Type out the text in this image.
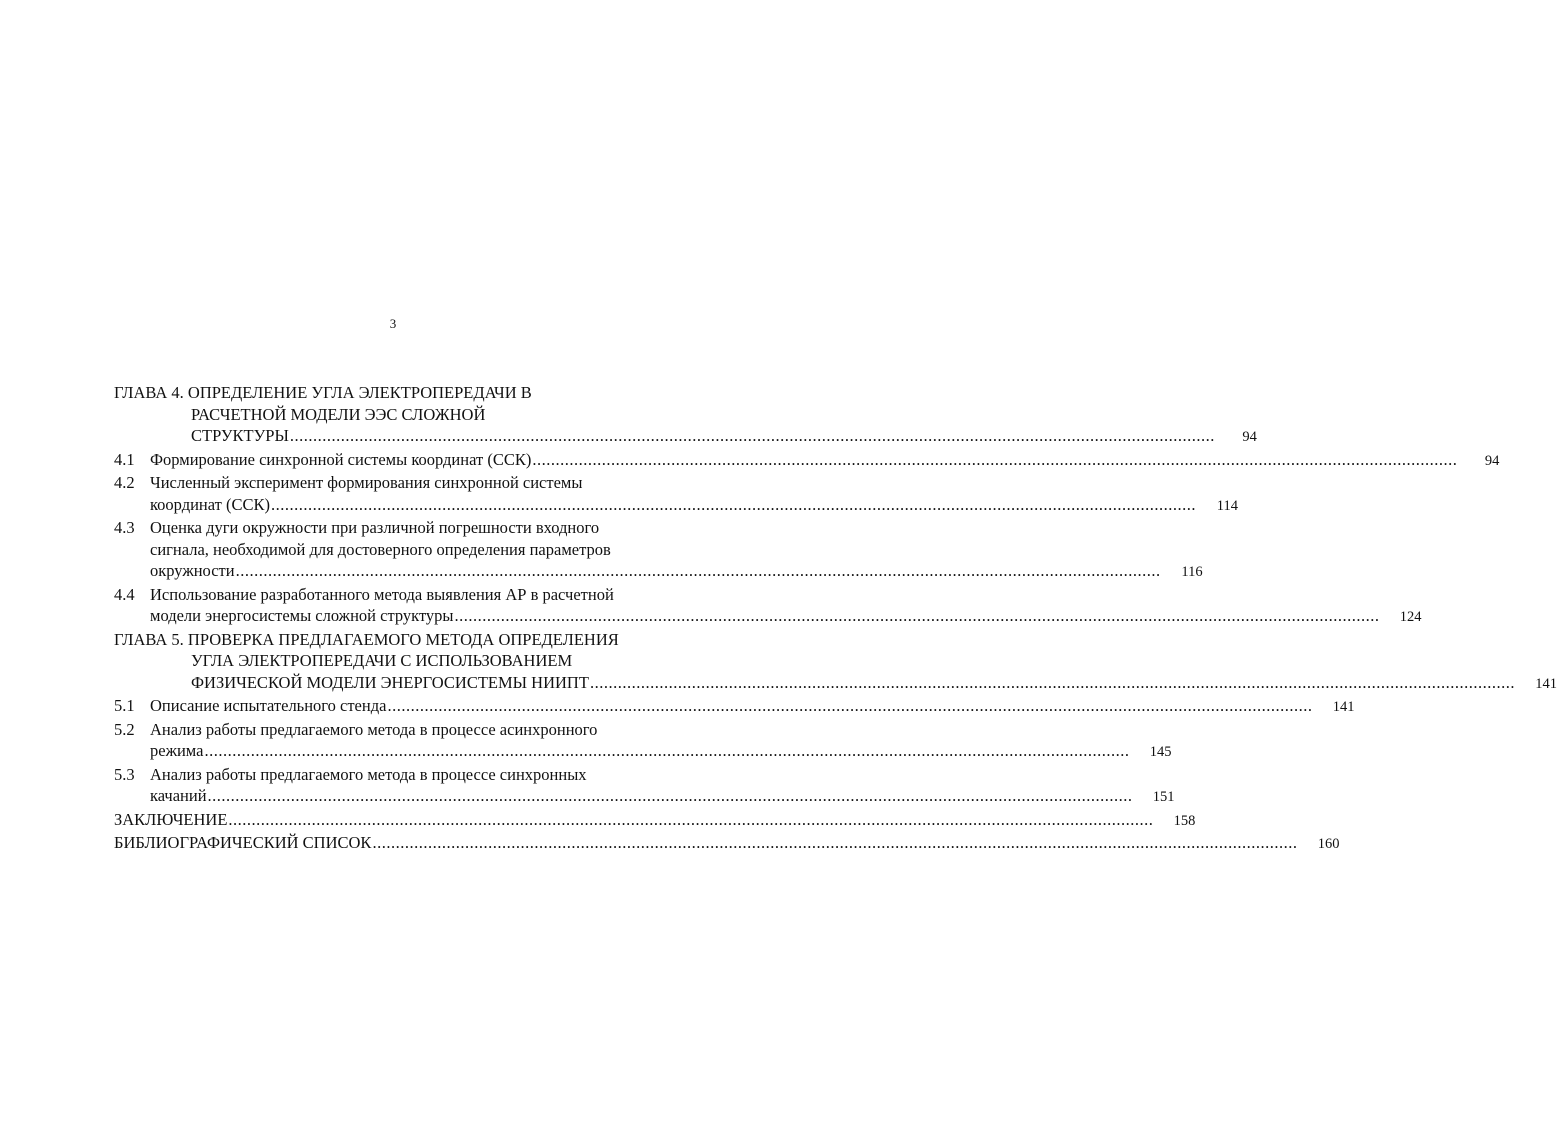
3
ГЛАВА 4. ОПРЕДЕЛЕНИЕ УГЛА ЭЛЕКТРОПЕРЕДАЧИ В
РАСЧЕТНОЙ МОДЕЛИ ЭЭС СЛОЖНОЙ
СТРУКТУРЫ ........................................................................................................................................................................................................	94
4.1 Формирование синхронной системы координат (ССК) ........................................................................................................................................................................................................	94
4.2 Численный эксперимент формирования синхронной системы
координат (ССК) ........................................................................................................................................................................................................	114
4.3 Оценка дуги окружности при различной погрешности входного
сигнала, необходимой для достоверного определения параметров
окружности ........................................................................................................................................................................................................	116
4.4 Использование разработанного метода выявления АР в расчетной
модели энергосистемы сложной структуры ........................................................................................................................................................................................................	124
ГЛАВА 5. ПРОВЕРКА ПРЕДЛАГАЕМОГО МЕТОДА ОПРЕДЕЛЕНИЯ
УГЛА ЭЛЕКТРОПЕРЕДАЧИ С ИСПОЛЬЗОВАНИЕМ
ФИЗИЧЕСКОЙ МОДЕЛИ ЭНЕРГОСИСТЕМЫ НИИПТ ........................................................................................................................................................................................................	141
5.1 Описание испытательного стенда ........................................................................................................................................................................................................	141
5.2 Анализ работы предлагаемого метода в процессе асинхронного
режима ........................................................................................................................................................................................................	145
5.3 Анализ работы предлагаемого метода в процессе синхронных
качаний ........................................................................................................................................................................................................	151
ЗАКЛЮЧЕНИЕ ........................................................................................................................................................................................................	158
БИБЛИОГРАФИЧЕСКИЙ СПИСОК ........................................................................................................................................................................................................	160
